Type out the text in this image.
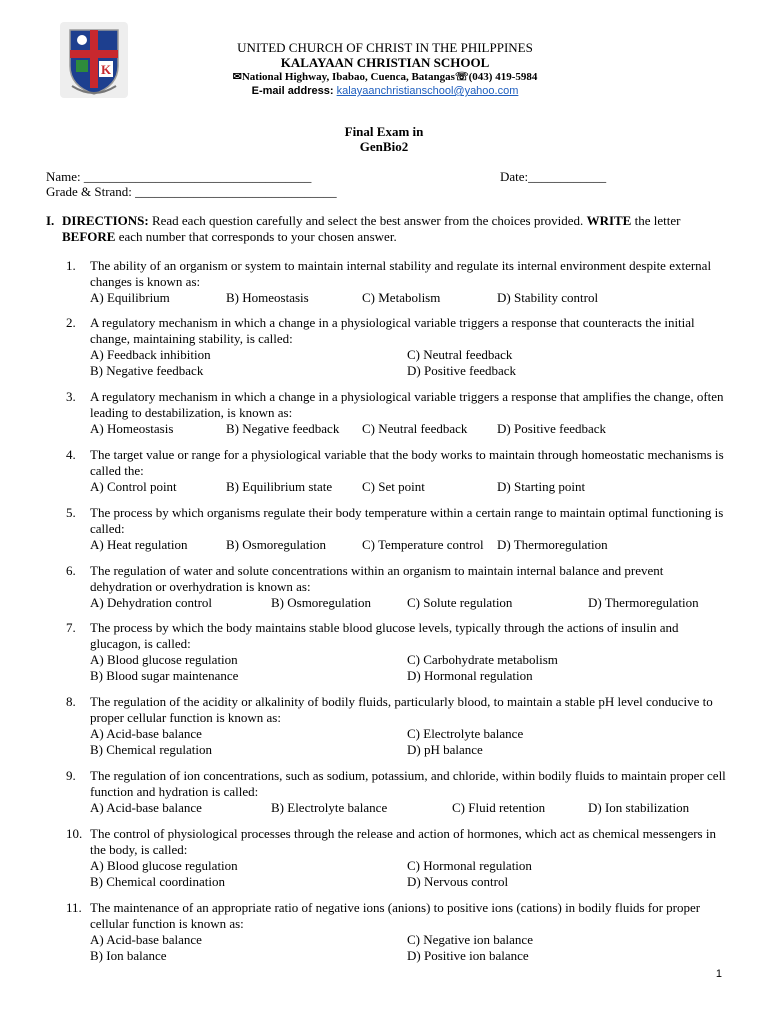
K
UNITED CHURCH OF CHRIST IN THE PHILPPINES
KALAYAAN CHRISTIAN SCHOOL
✉National Highway, Ibabao, Cuenca, Batangas☏(043) 419-5984
E-mail address: kalayaanchristianschool@yahoo.com
Final Exam in
GenBio2
Name: ___________________________________	Date:____________
Grade & Strand: _______________________________
I. DIRECTIONS: Read each question carefully and select the best answer from the choices provided. WRITE the letter BEFORE each number that corresponds to your chosen answer.
1. The ability of an organism or system to maintain internal stability and regulate its internal environment despite external changes is known as:
A) Equilibrium	B) Homeostasis	C) Metabolism	D) Stability control
2. A regulatory mechanism in which a change in a physiological variable triggers a response that counteracts the initial change, maintaining stability, is called:
A) Feedback inhibition
B) Negative feedback
C) Neutral feedback
D) Positive feedback
3. A regulatory mechanism in which a change in a physiological variable triggers a response that amplifies the change, often leading to destabilization, is known as:
A) Homeostasis	B) Negative feedback C) Neutral feedback D) Positive feedback
4. The target value or range for a physiological variable that the body works to maintain through homeostatic mechanisms is called the:
A) Control point	B) Equilibrium state C) Set point	D) Starting point
5. The process by which organisms regulate their body temperature within a certain range to maintain optimal functioning is called:
A) Heat regulation	B) Osmoregulation	C) Temperature control D) Thermoregulation
6. The regulation of water and solute concentrations within an organism to maintain internal balance and prevent dehydration or overhydration is known as:
A) Dehydration control	B) Osmoregulation	C) Solute regulation	D) Thermoregulation
7. The process by which the body maintains stable blood glucose levels, typically through the actions of insulin and glucagon, is called:
A) Blood glucose regulation
B) Blood sugar maintenance
C) Carbohydrate metabolism
D) Hormonal regulation
8. The regulation of the acidity or alkalinity of bodily fluids, particularly blood, to maintain a stable pH level conducive to proper cellular function is known as:
A) Acid-base balance
B) Chemical regulation
C) Electrolyte balance
D) pH balance
9. The regulation of ion concentrations, such as sodium, potassium, and chloride, within bodily fluids to maintain proper cell function and hydration is called:
A) Acid-base balance	B) Electrolyte balance	C) Fluid retention	D) Ion stabilization
10. The control of physiological processes through the release and action of hormones, which act as chemical messengers in the body, is called:
A) Blood glucose regulation
B) Chemical coordination
C) Hormonal regulation
D) Nervous control
11. The maintenance of an appropriate ratio of negative ions (anions) to positive ions (cations) in bodily fluids for proper cellular function is known as:
A) Acid-base balance
B) Ion balance
C) Negative ion balance
D) Positive ion balance
1
